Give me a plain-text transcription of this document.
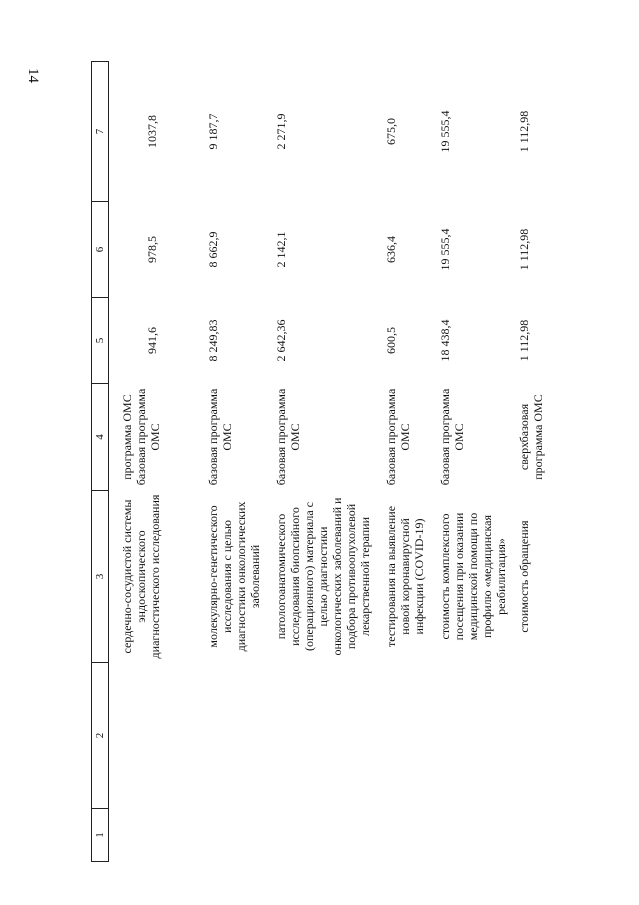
14
1	2	3	4	5	6	7
		сердечно-сосудистой системы эндоскопического диагностического исследования	программа ОМС базовая программа ОМС	941,6	978,5	1037,8
		молекулярно-генетического исследования с целью диагностики онкологических заболеваний	базовая программа ОМС	8 249,83	8 662,9	9 187,7
		патологоанатомического исследования биопсийного (операционного) материала с целью диагностики онкологических заболеваний и подбора противоопухолевой лекарственной терапии	базовая программа ОМС	2 642,36	2 142,1	2 271,9
		тестирования на выявление новой коронавирусной инфекции (COVID-19)	базовая программа ОМС	600,5	636,4	675,0
		стоимость комплексного посещения при оказании медицинской помощи по профилю «медицинская реабилитация»	базовая программа ОМС	18 438,4	19 555,4	19 555,4
		стоимость обращения	сверхбазовая программа ОМС	1 112,98	1 112,98	1 112,98
